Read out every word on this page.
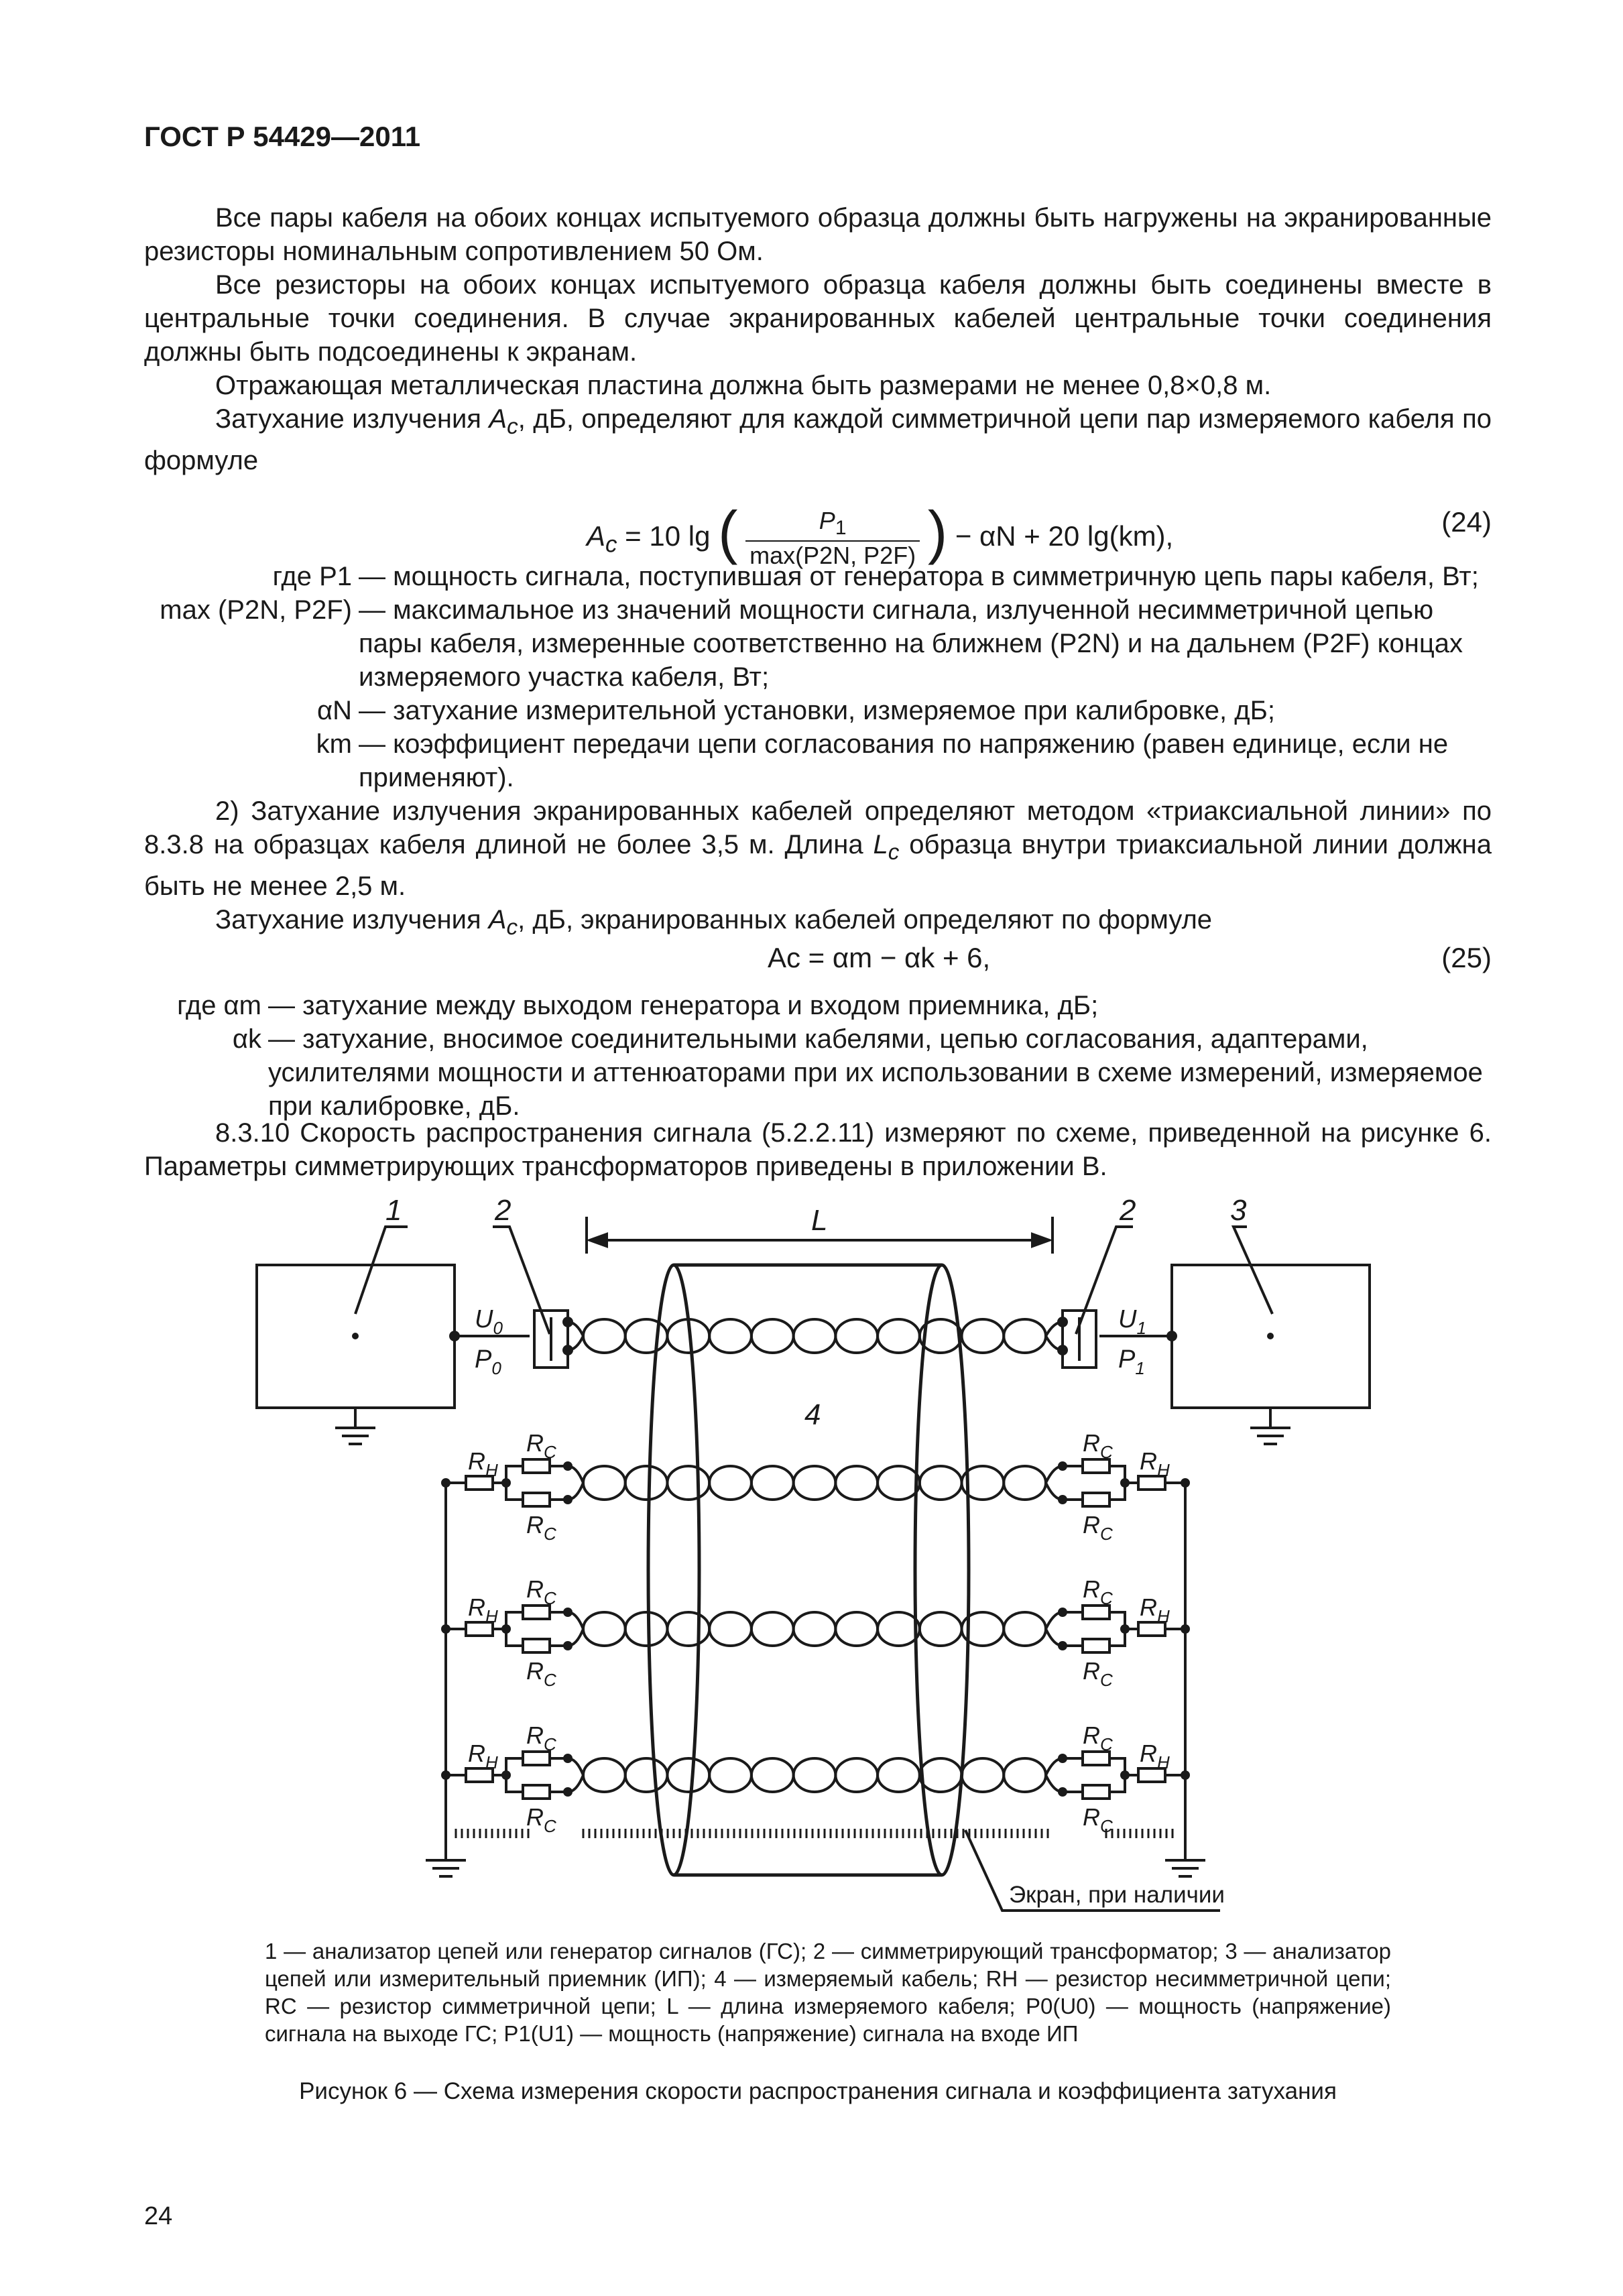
ГОСТ Р 54429—2011

Все пары кабеля на обоих концах испытуемого образца должны быть нагружены на экранированные резисторы номинальным сопротивлением 50 Ом.

Все резисторы на обоих концах испытуемого образца кабеля должны быть соединены вместе в центральные точки соединения. В случае экранированных кабелей центральные точки соединения должны быть подсоединены к экранам.

Отражающая металлическая пластина должна быть размерами не менее 0,8×0,8 м.

Затухание излучения $A_c$, дБ, определяют для каждой симметричной цепи пар измеряемого кабеля по формуле

$A_c = 10$ lg (	$P_1$
max(P2N, P2F) ) − αN + 20 lg(km),	(24)

где P1 — мощность сигнала, поступившая от генератора в симметричную цепь пары кабеля, Вт;

max (P2N, P2F) — максимальное из значений мощности сигнала, излученной несимметричной цепью пары кабеля, измеренные соответственно на ближнем (P2N) и на дальнем (P2F) концах измеряемого участка кабеля, Вт;

αN — затухание измерительной установки, измеряемое при калибровке, дБ;

km — коэффициент передачи цепи согласования по напряжению (равен единице, если не применяют).

2) Затухание излучения экранированных кабелей определяют методом «триаксиальной линии» по 8.3.8 на образцах кабеля длиной не более 3,5 м. Длина $L_c$ образца внутри триаксиальной линии должна быть не менее 2,5 м.

Затухание излучения $A_c$, дБ, экранированных кабелей определяют по формуле

Ac = αm − αk + 6,	(25)

где αm — затухание между выходом генератора и входом приемника, дБ;

αk — затухание, вносимое соединительными кабелями, цепью согласования, адаптерами, усилителями мощности и аттенюаторами при их использовании в схеме измерений, измеряемое при калибровке, дБ.

8.3.10 Скорость распространения сигнала (5.2.2.11) измеряют по схеме, приведенной на рисунке 6. Параметры симметрирующих трансформаторов приведены в приложении В.

1	2	2	3
L
4
$U_0$
$P_0$
$U_1$
$P_1$
$R_C$
$R_C$
$R_C$
$R_C$
$R_H$	$R_H$
$R_C$
$R_C$
$R_C$
$R_C$
$R_H$	$R_H$
$R_C$
$R_C$
$R_C$
$R_C$
$R_H$	$R_H$
Экран, при наличии
1 — анализатор цепей или генератор сигналов (ГС); 2 — симметрирующий трансформатор; 3 — анализатор цепей или измерительный приемник (ИП); 4 — измеряемый кабель; RН — резистор несимметричной цепи; RС — резистор симметричной цепи; L — длина измеряемого кабеля; P0(U0) — мощность (напряжение) сигнала на выходе ГС; P1(U1) — мощность (напряжение) сигнала на входе ИП
Рисунок 6 — Схема измерения скорости распространения сигнала и коэффициента затухания
24
